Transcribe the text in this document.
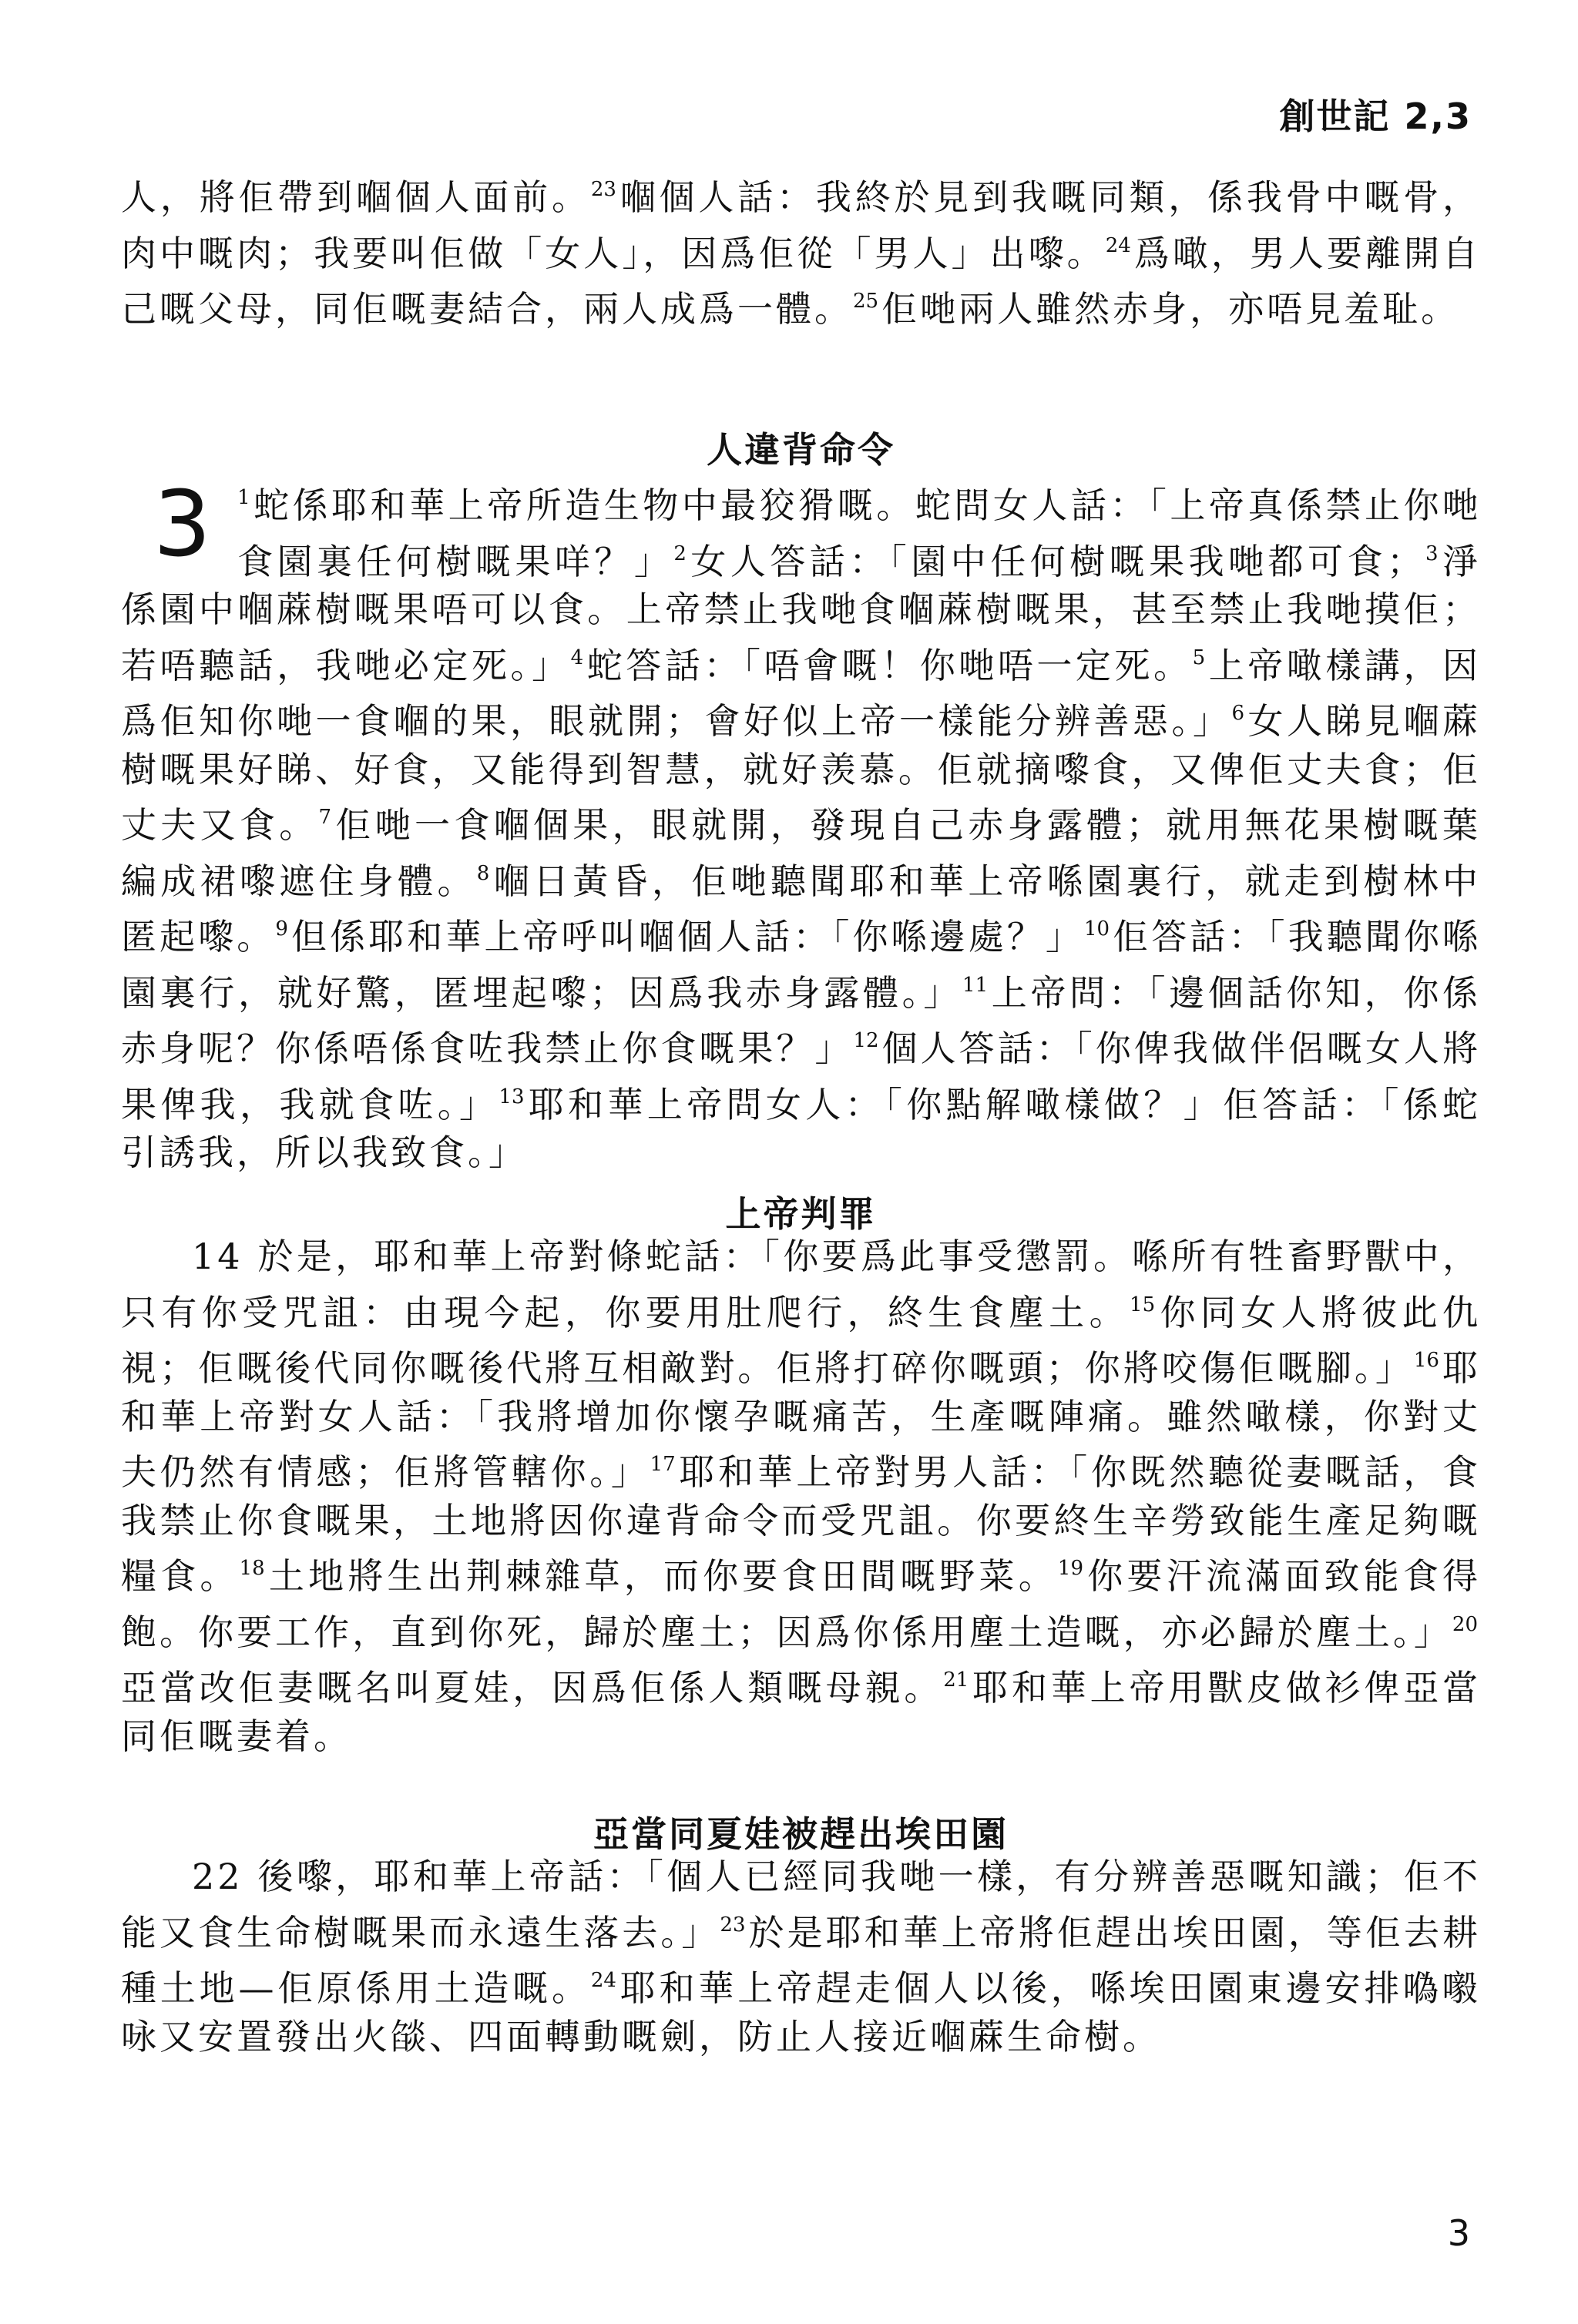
創世記 2,3

人，將佢帶到嗰個人面前。$^{23}$嗰個人話：我終於見到我嘅同類，係我骨中嘅骨，肉中嘅肉；我要叫佢做「女人」，因爲佢從「男人」出嚟。$^{24}$爲噉，男人要離開自己嘅父母，同佢嘅妻結合，兩人成爲一體。$^{25}$佢哋兩人雖然赤身，亦唔見羞耻。

人違背命令

3 $^1$蛇係耶和華上帝所造生物中最狡猾嘅。蛇問女人話：「上帝真係禁止你哋食園裏任何樹嘅果咩？」$^2$女人答話：「園中任何樹嘅果我哋都可食；$^3$淨係園中嗰蔴樹嘅果唔可以食。上帝禁止我哋食嗰蔴樹嘅果，甚至禁止我哋摸佢；若唔聽話，我哋必定死。」$^4$蛇答話：「唔會嘅！你哋唔一定死。$^5$上帝噉樣講，因爲佢知你哋一食嗰的果，眼就開；會好似上帝一樣能分辨善惡。」$^6$女人睇見嗰蔴樹嘅果好睇、好食，又能得到智慧，就好羡慕。佢就摘嚟食，又俾佢丈夫食；佢丈夫又食。$^7$佢哋一食嗰個果，眼就開，發現自己赤身露體；就用無花果樹嘅葉編成裙嚟遮住身體。$^8$嗰日黃昏，佢哋聽聞耶和華上帝喺園裏行，就走到樹林中匿起嚟。$^9$但係耶和華上帝呼叫嗰個人話：「你喺邊處？」$^{10}$佢答話：「我聽聞你喺園裏行，就好驚，匿埋起嚟；因爲我赤身露體。」$^{11}$上帝問：「邊個話你知，你係赤身呢？你係唔係食咗我禁止你食嘅果？」$^{12}$個人答話：「你俾我做伴侶嘅女人將果俾我，我就食咗。」$^{13}$耶和華上帝問女人：「你點解噉樣做？」佢答話：「係蛇引誘我，所以我致食。」

上帝判罪

14 於是，耶和華上帝對條蛇話：「你要爲此事受懲罰。喺所有牲畜野獸中，只有你受咒詛：由現今起，你要用肚爬行，終生食塵土。$^{15}$你同女人將彼此仇視；佢嘅後代同你嘅後代將互相敵對。佢將打碎你嘅頭；你將咬傷佢嘅腳。」$^{16}$耶和華上帝對女人話：「我將增加你懷孕嘅痛苦，生產嘅陣痛。雖然噉樣，你對丈夫仍然有情感；佢將管轄你。」$^{17}$耶和華上帝對男人話：「你既然聽從妻嘅話，食我禁止你食嘅果，土地將因你違背命令而受咒詛。你要終生辛勞致能生產足夠嘅糧食。$^{18}$土地將生出荆棘雜草，而你要食田間嘅野菜。$^{19}$你要汗流滿面致能食得飽。你要工作，直到你死，歸於塵土；因爲你係用塵土造嘅，亦必歸於塵土。」$^{20}$亞當改佢妻嘅名叫夏娃，因爲佢係人類嘅母親。$^{21}$耶和華上帝用獸皮做衫俾亞當同佢嘅妻着。

亞當同夏娃被趕出埃田園

22 後嚟，耶和華上帝話：「個人已經同我哋一樣，有分辨善惡嘅知識；佢不能又食生命樹嘅果而永遠生落去。」$^{23}$於是耶和華上帝將佢趕出埃田園，等佢去耕種土地—佢原係用土造嘅。$^{24}$耶和華上帝趕走個人以後，喺埃田園東邊安排𠼮𡃀咏又安置發出火燄、四面轉動嘅劍，防止人接近嗰蔴生命樹。

3
